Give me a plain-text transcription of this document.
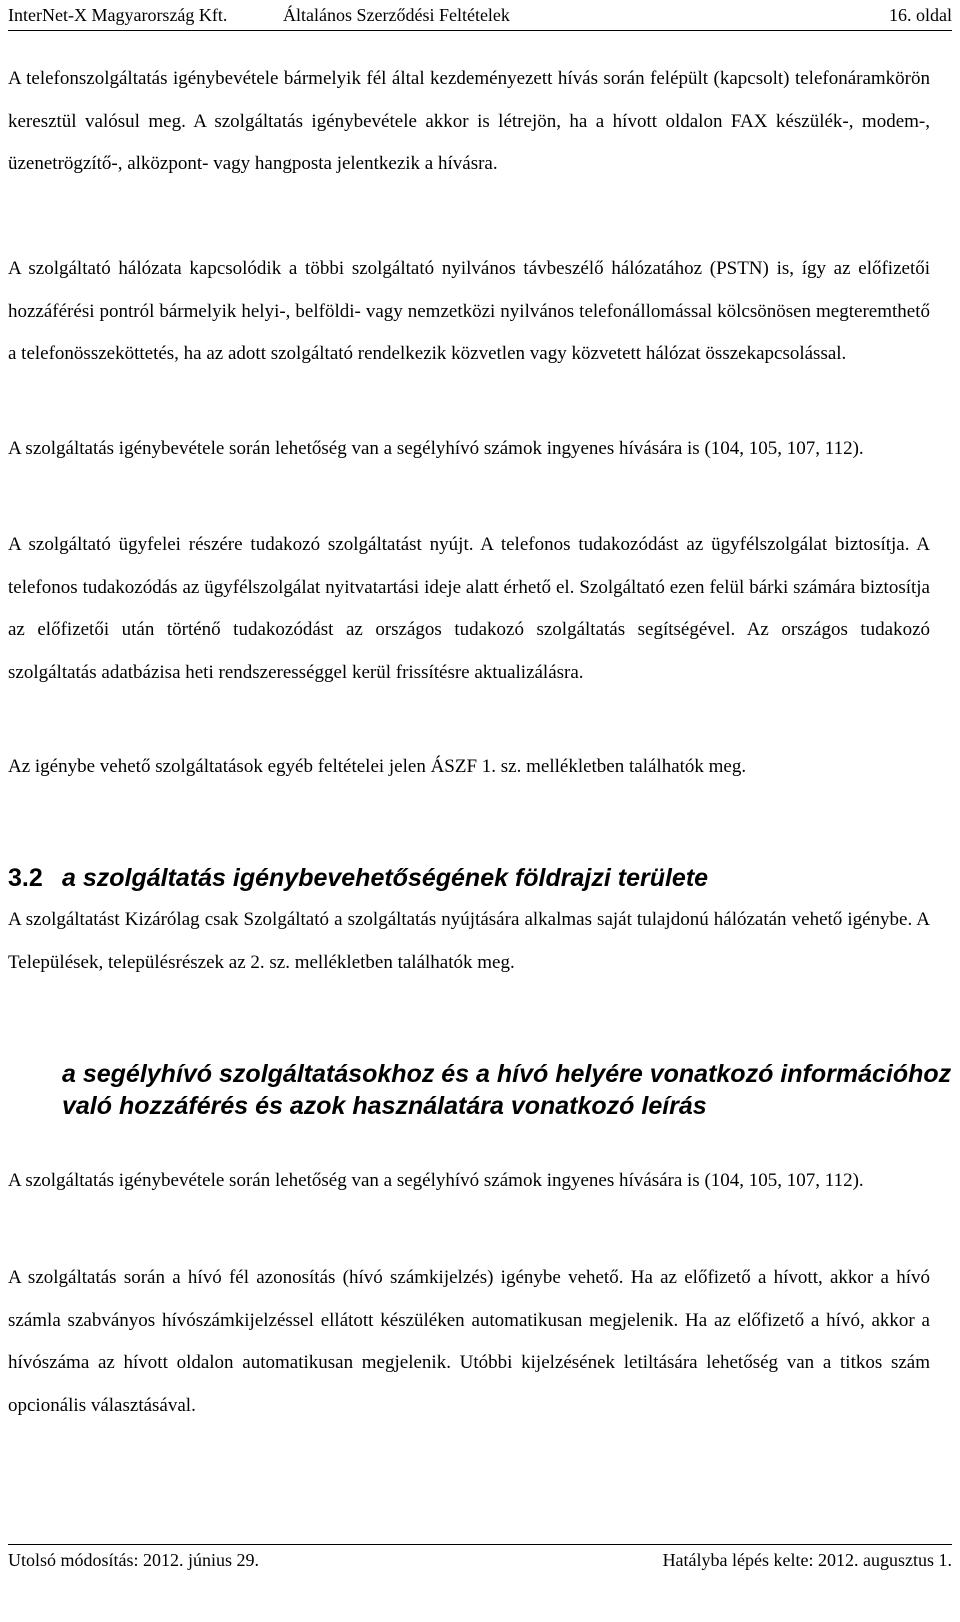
InterNet-X Magyarország Kft.	Általános Szerződési Feltételek	16. oldal

A telefonszolgáltatás igénybevétele bármelyik fél által kezdeményezett hívás során felépült (kapcsolt) telefonáramkörön keresztül valósul meg. A szolgáltatás igénybevétele akkor is létrejön, ha a hívott oldalon FAX készülék-, modem-, üzenetrögzítő-, alközpont- vagy hangposta jelentkezik a hívásra.

A szolgáltató hálózata kapcsolódik a többi szolgáltató nyilvános távbeszélő hálózatához (PSTN) is, így az előfizetői hozzáférési pontról bármelyik helyi-, belföldi- vagy nemzetközi nyilvános telefonállomással kölcsönösen megteremthető a telefonösszeköttetés, ha az adott szolgáltató rendelkezik közvetlen vagy közvetett hálózat összekapcsolással.

A szolgáltatás igénybevétele során lehetőség van a segélyhívó számok ingyenes hívására is (104, 105, 107, 112).

A szolgáltató ügyfelei részére tudakozó szolgáltatást nyújt. A telefonos tudakozódást az ügyfélszolgálat biztosítja. A telefonos tudakozódás az ügyfélszolgálat nyitvatartási ideje alatt érhető el. Szolgáltató ezen felül bárki számára biztosítja az előfizetői után történő tudakozódást az országos tudakozó szolgáltatás segítségével. Az országos tudakozó szolgáltatás adatbázisa heti rendszerességgel kerül frissítésre aktualizálásra.

Az igénybe vehető szolgáltatások egyéb feltételei jelen ÁSZF 1. sz. mellékletben találhatók meg.

3.2 a szolgáltatás igénybevehetőségének földrajzi területe

A szolgáltatást Kizárólag csak Szolgáltató a szolgáltatás nyújtására alkalmas saját tulajdonú hálózatán vehető igénybe. A Települések, településrészek az 2. sz. mellékletben találhatók meg.

a segélyhívó szolgáltatásokhoz és a hívó helyére vonatkozó információhoz való hozzáférés és azok használatára vonatkozó leírás

A szolgáltatás igénybevétele során lehetőség van a segélyhívó számok ingyenes hívására is (104, 105, 107, 112).

A szolgáltatás során a hívó fél azonosítás (hívó számkijelzés) igénybe vehető. Ha az előfizető a hívott, akkor a hívó számla szabványos hívószámkijelzéssel ellátott készüléken automatikusan megjelenik. Ha az előfizető a hívó, akkor a hívószáma az hívott oldalon automatikusan megjelenik. Utóbbi kijelzésének letiltására lehetőség van a titkos szám opcionális választásával.

Utolsó módosítás: 2012. június 29.	Hatályba lépés kelte: 2012. augusztus 1.
